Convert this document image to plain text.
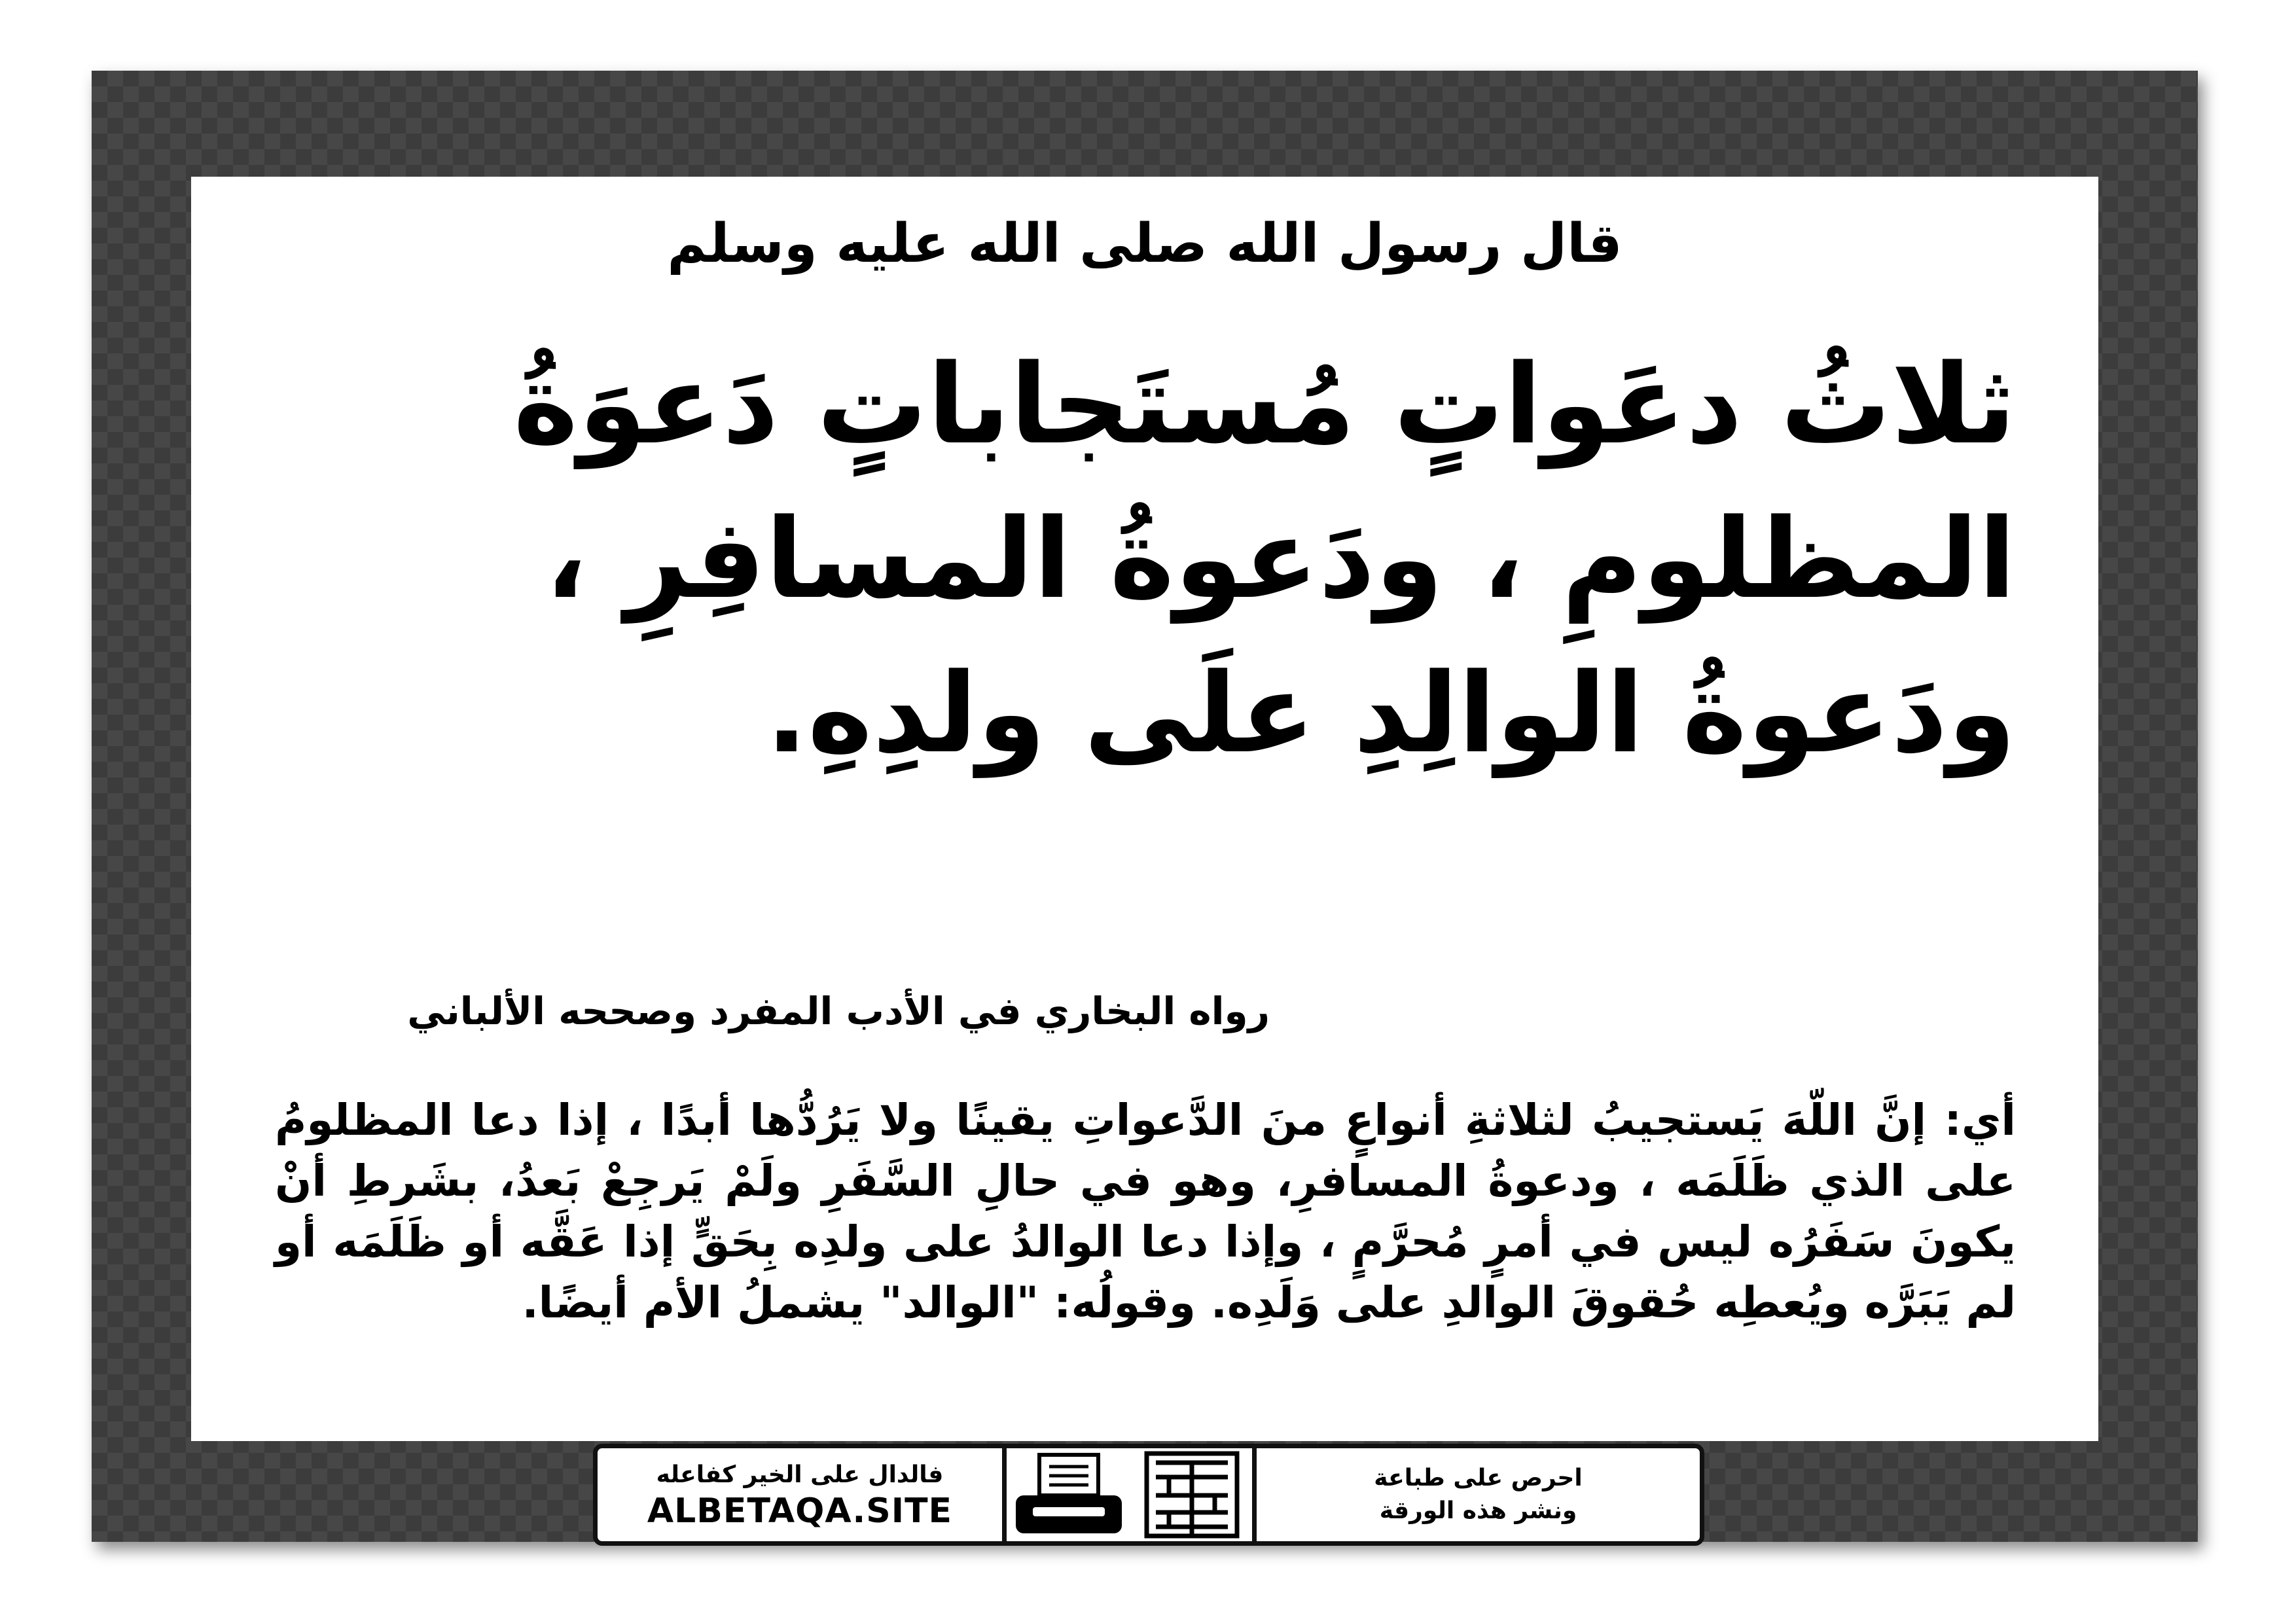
قال رسول الله صلى الله عليه وسلم
ثلاثُ دعَواتٍ مُستَجاباتٍ دَعوَةُ المظلومِ ، ودَعوةُ المسافِرِ ، ودَعوةُ الوالِدِ علَى ولدِهِ.
رواه البخاري في الأدب المفرد وصححه الألباني
أي: إنَّ اللّهَ يَستجيبُ لثلاثةِ أنواعٍ منَ الدَّعواتِ يقينًا ولا يَرُدُّها أبدًا ، إذا دعا المظلومُ على الذي ظَلَمَه ، ودعوةُ المسافرِ، وهو في حالِ السَّفَرِ ولَمْ يَرجِعْ بَعدُ، بشَرطِ أنْ يكونَ سَفَرُه ليس في أمرٍ مُحرَّمٍ ، وإذا دعا الوالدُ على ولدِه بِحَقٍّ إذا عَقَّه أو ظَلَمَه أو لم يَبَرَّه ويُعطِه حُقوقَ الوالدِ على وَلَدِه. وقولُه: "الوالد" يشملُ الأم أيضًا.
فالدال على الخير كفاعله
ALBETAQA.SITE
احرص على طباعة
ونشر هذه الورقة
